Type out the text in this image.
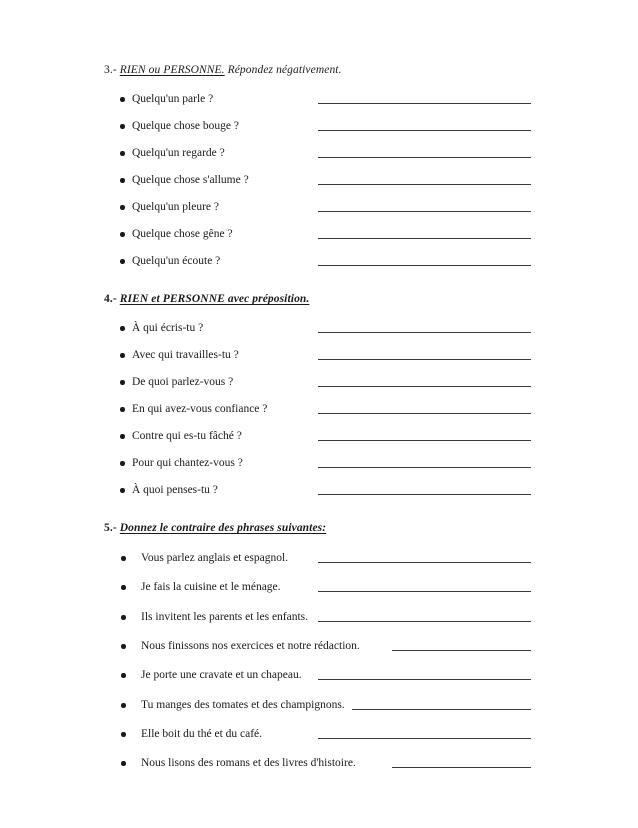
3.- RIEN ou PERSONNE. Répondez négativement.
Quelqu'un parle ?
Quelque chose bouge ?
Quelqu'un regarde ?
Quelque chose s'allume ?
Quelqu'un pleure ?
Quelque chose gêne ?
Quelqu'un écoute ?
4.- RIEN et PERSONNE avec préposition.
À qui écris-tu ?
Avec qui travailles-tu ?
De quoi parlez-vous ?
En qui avez-vous confiance ?
Contre qui es-tu fâché ?
Pour qui chantez-vous ?
À quoi penses-tu ?
5.- Donnez le contraire des phrases suivantes:
Vous parlez anglais et espagnol.
Je fais la cuisine et le ménage.
Ils invitent les parents et les enfants.
Nous finissons nos exercices et notre rédaction.
Je porte une cravate et un chapeau.
Tu manges des tomates et des champignons.
Elle boit du thé et du café.
Nous lisons des romans et des livres d'histoire.
